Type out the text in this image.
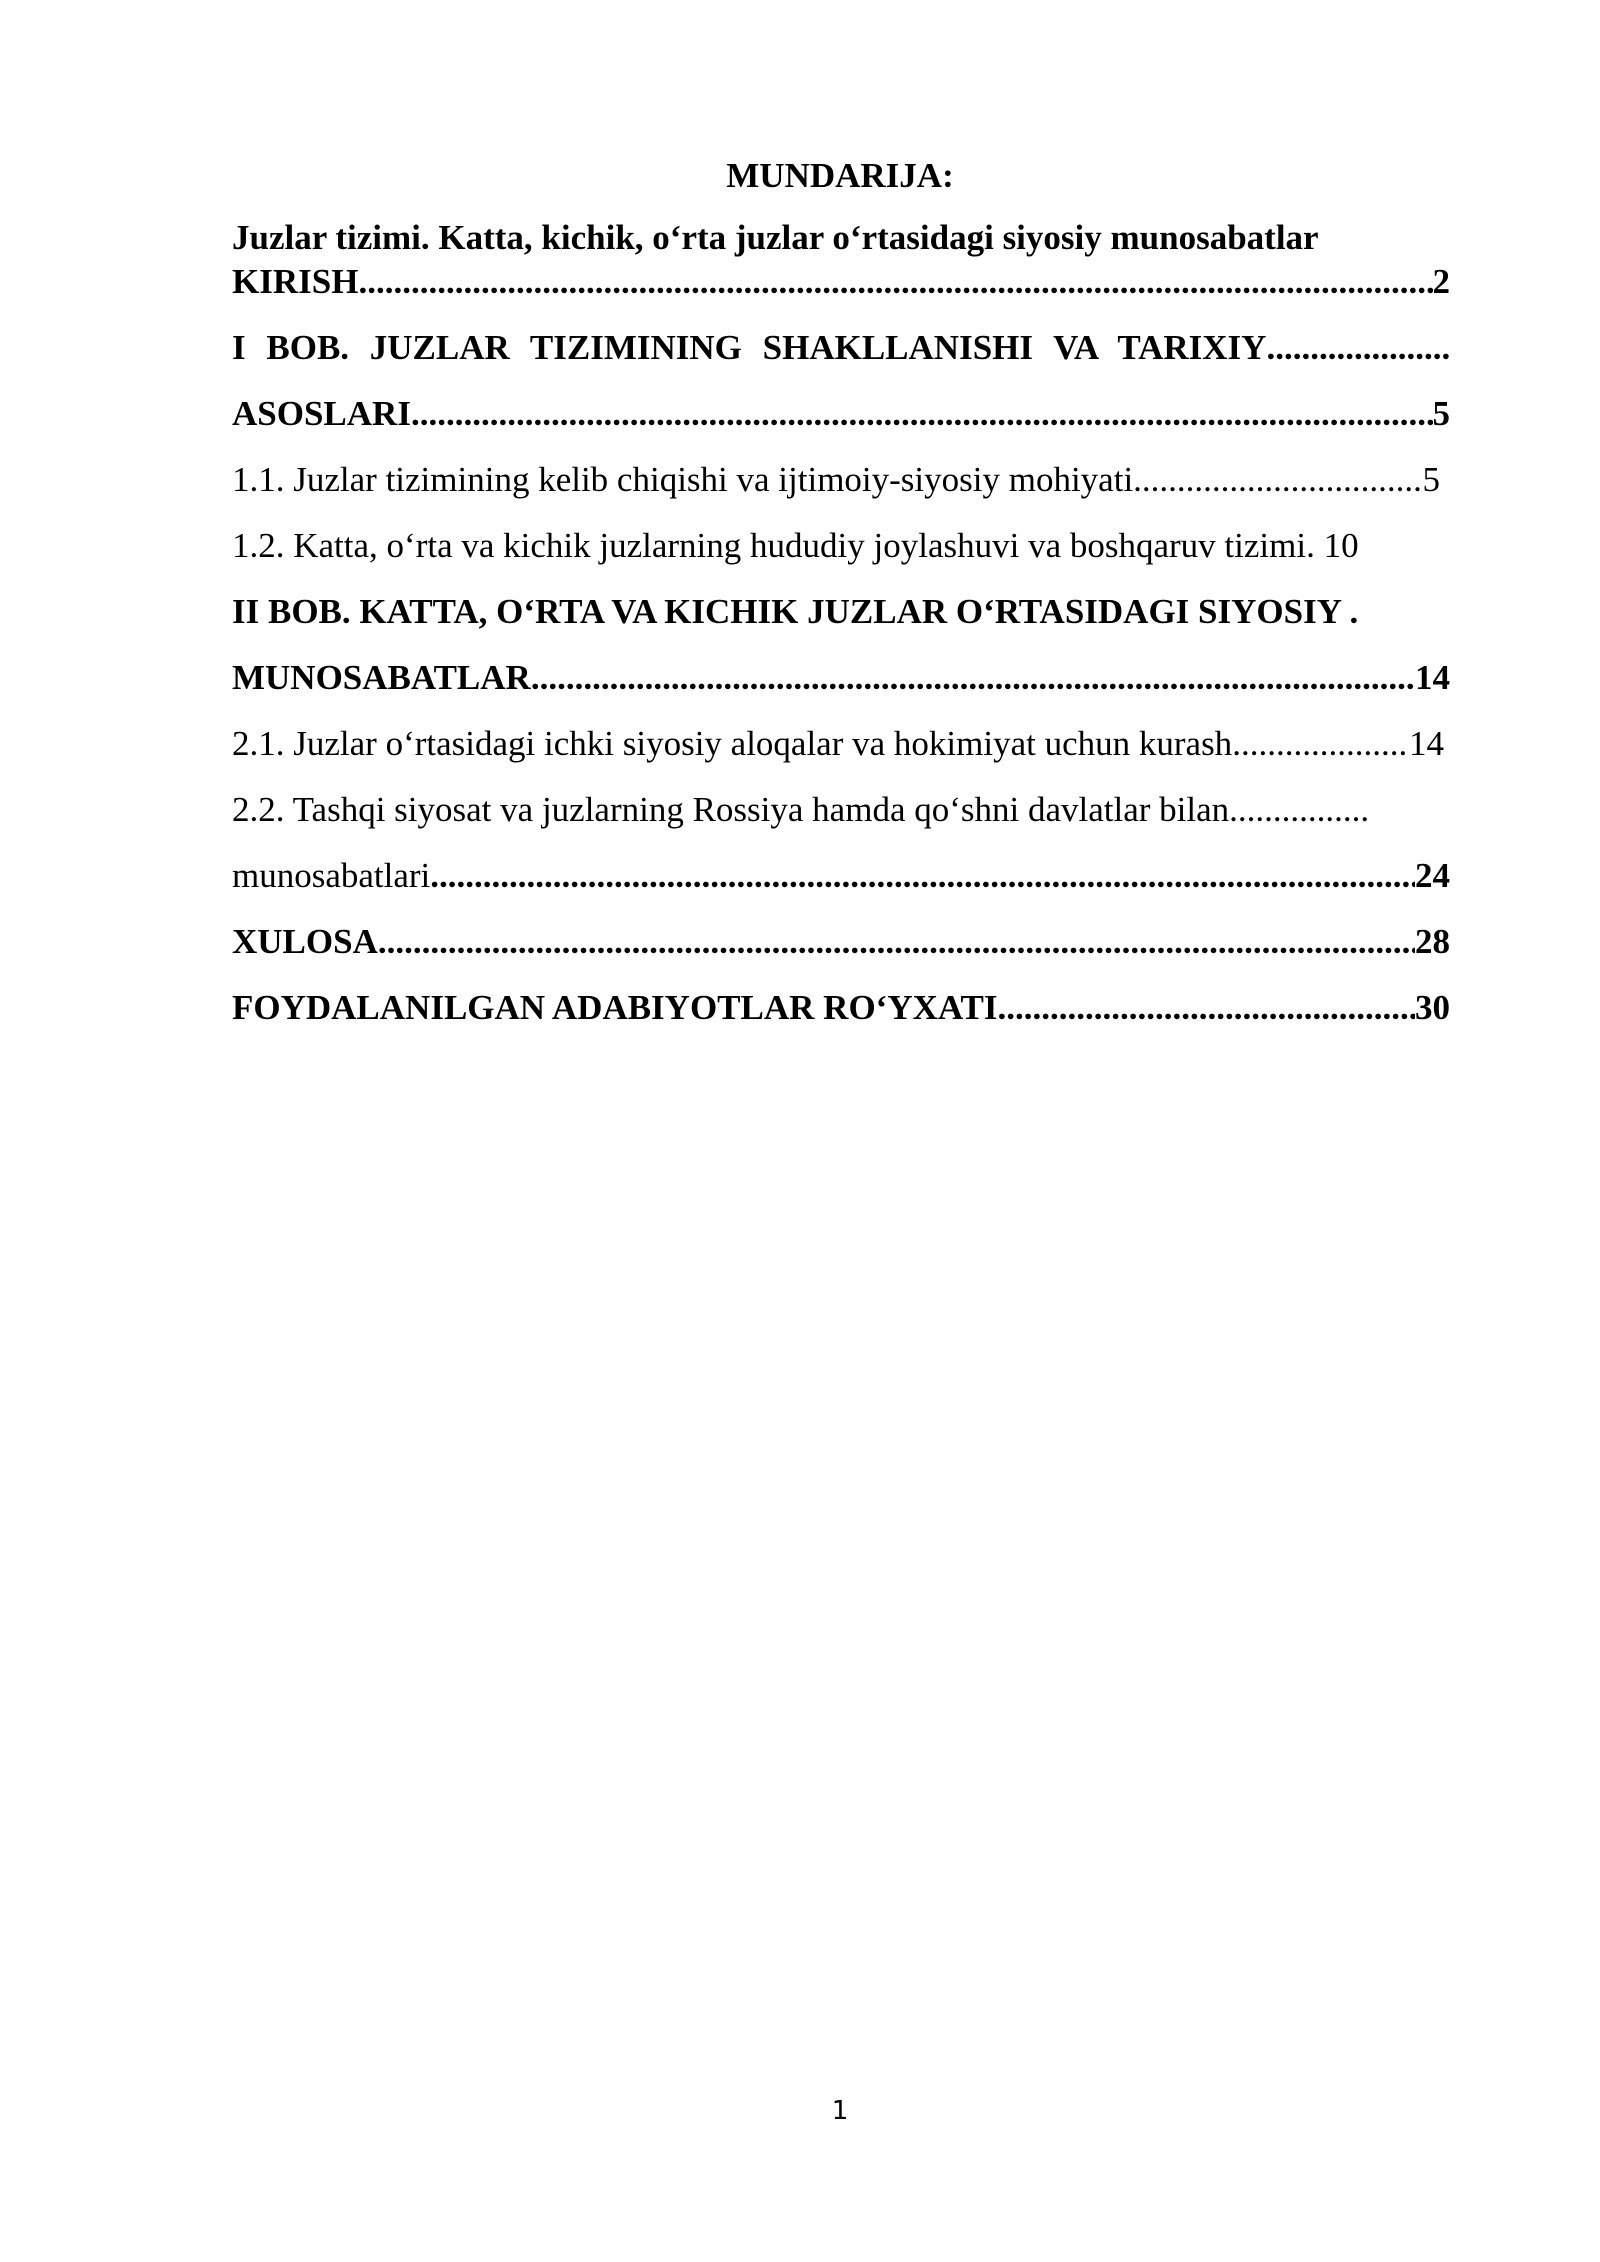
MUNDARIJA:
Juzlar tizimi. Katta, kichik, o‘rta juzlar o‘rtasidagi siyosiy munosabatlar
KIRISH .....	2
I BOB. JUZLAR TIZIMINING SHAKLLANISHI VA TARIXIY
.....
ASOSLARI .....	5
1.1. Juzlar tizimining kelib chiqishi va ijtimoiy-siyosiy mohiyati .....	5
1.2. Katta, o‘rta va kichik juzlarning hududiy joylashuvi va boshqaruv tizimi. 10
II BOB. KATTA, O‘RTA VA KICHIK JUZLAR O‘RTASIDAGI SIYOSIY .
MUNOSABATLAR .....	14
2.1. Juzlar o‘rtasidagi ichki siyosiy aloqalar va hokimiyat uchun kurash .....	14
2.2. Tashqi siyosat va juzlarning Rossiya hamda qo‘shni davlatlar bilan
.....
munosabatlari .....	24
XULOSA .....	28
FOYDALANILGAN ADABIYOTLAR RO‘YXATI .....	30
1
